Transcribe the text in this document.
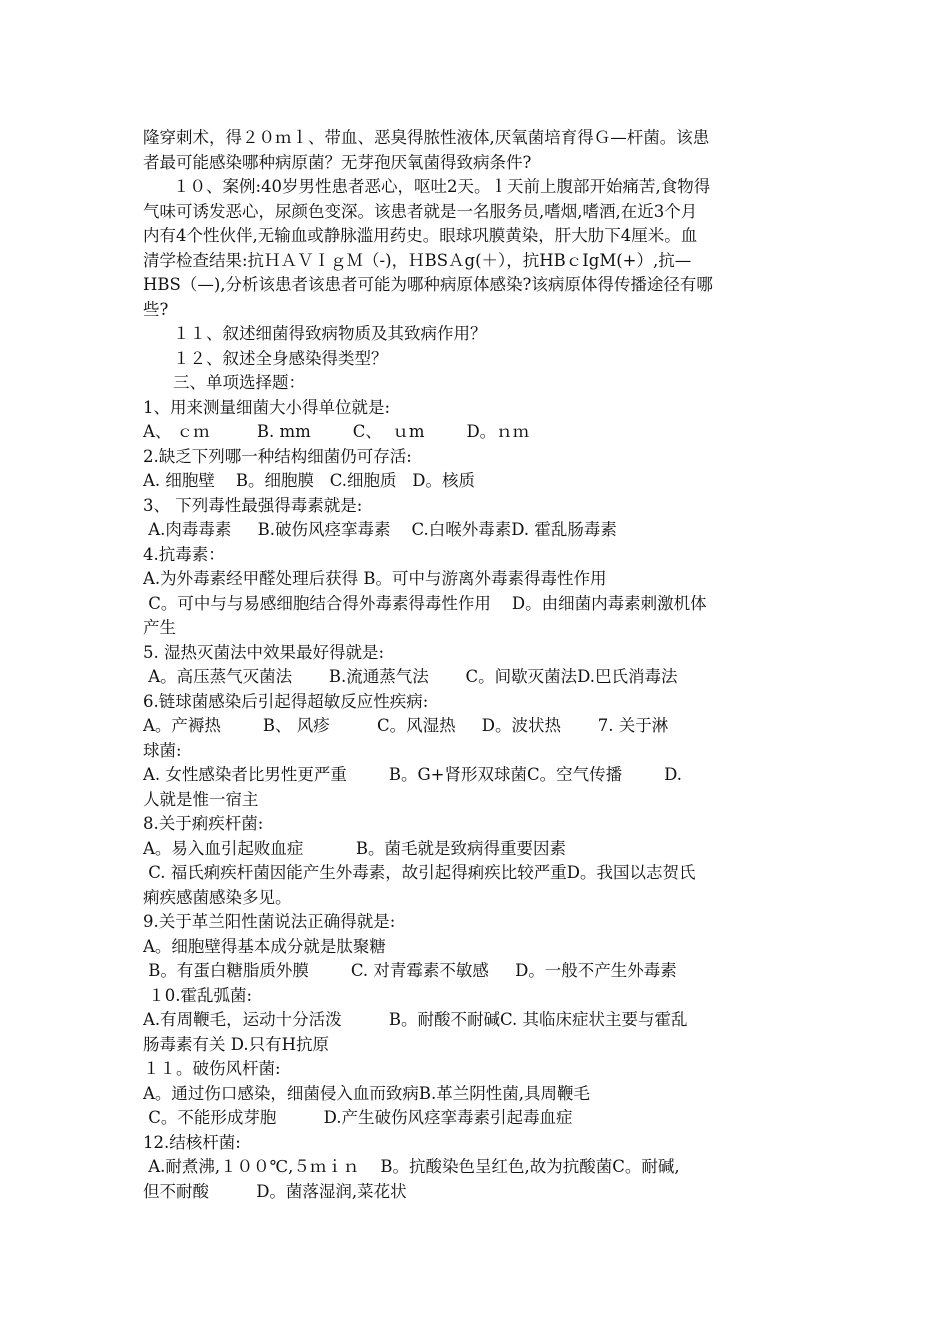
隆穿刺术，得２０ｍｌ、带血、恶臭得脓性液体,厌氧菌培育得Ｇ—杆菌。该患
者最可能感染哪种病原菌？无芽孢厌氧菌得致病条件?
１０、案例:40岁男性患者恶心，呕吐2天。ｌ天前上腹部开始痛苦,食物得
气味可诱发恶心，尿颜色变深。该患者就是一名服务员,嗜烟,嗜酒,在近3个月
内有4个性伙伴,无输血或静脉滥用药史。眼球巩膜黄染，肝大肋下4厘米。血
清学检查结果:抗ＨＡＶＩｇＭ（-)，ＨBSＡg(＋），抗HBｃIgM(+）,抗—
HBS（—),分析该患者该患者可能为哪种病原体感染?该病原体得传播途径有哪
些?
１１、叙述细菌得致病物质及其致病作用？
１２、叙述全身感染得类型？
三、单项选择题：
1、用来测量细菌大小得单位就是:
A、 ｃｍ         B. mm        C、  ｕm        D。ｎｍ
2.缺乏下列哪一种结构细菌仍可存活:
A. 细胞壁    B。细胞膜   C.细胞质   D。核质
3、 下列毒性最强得毒素就是:
A.肉毒毒素     B.破伤风痉挛毒素    C.白喉外毒素D. 霍乱肠毒素
4.抗毒素：
A.为外毒素经甲醛处理后获得 B。可中与游离外毒素得毒性作用
C。可中与与易感细胞结合得外毒素得毒性作用    D。由细菌内毒素刺激机体
产生
5. 湿热灭菌法中效果最好得就是:
A。高压蒸气灭菌法       B.流通蒸气法       C。间歇灭菌法D.巴氏消毒法
6.链球菌感染后引起得超敏反应性疾病:
A。产褥热        B、 风疹         C。风湿热     D。波状热       7. 关于淋
球菌:
A. 女性感染者比男性更严重        B。G+肾形双球菌C。空气传播        D.
人就是惟一宿主
8.关于痢疾杆菌:
A。易入血引起败血症          B。菌毛就是致病得重要因素
C. 福氏痢疾杆菌因能产生外毒素，故引起得痢疾比较严重D。我国以志贺氏
痢疾感菌感染多见。
9.关于革兰阳性菌说法正确得就是:
A。细胞壁得基本成分就是肽聚糖
B。有蛋白糖脂质外膜        C. 对青霉素不敏感     D。一般不产生外毒素
１0.霍乱弧菌:
A.有周鞭毛，运动十分活泼         B。耐酸不耐碱C. 其临床症状主要与霍乱
肠毒素有关 D.只有H抗原
１１。破伤风杆菌:
A。通过伤口感染，细菌侵入血而致病B.革兰阴性菌,具周鞭毛
C。不能形成芽胞         D.产生破伤风痉挛毒素引起毒血症
12.结核杆菌:
A.耐煮沸,１００℃,５ｍｉｎ    B。抗酸染色呈红色,故为抗酸菌C。耐碱,
但不耐酸         D。菌落湿润,菜花状
